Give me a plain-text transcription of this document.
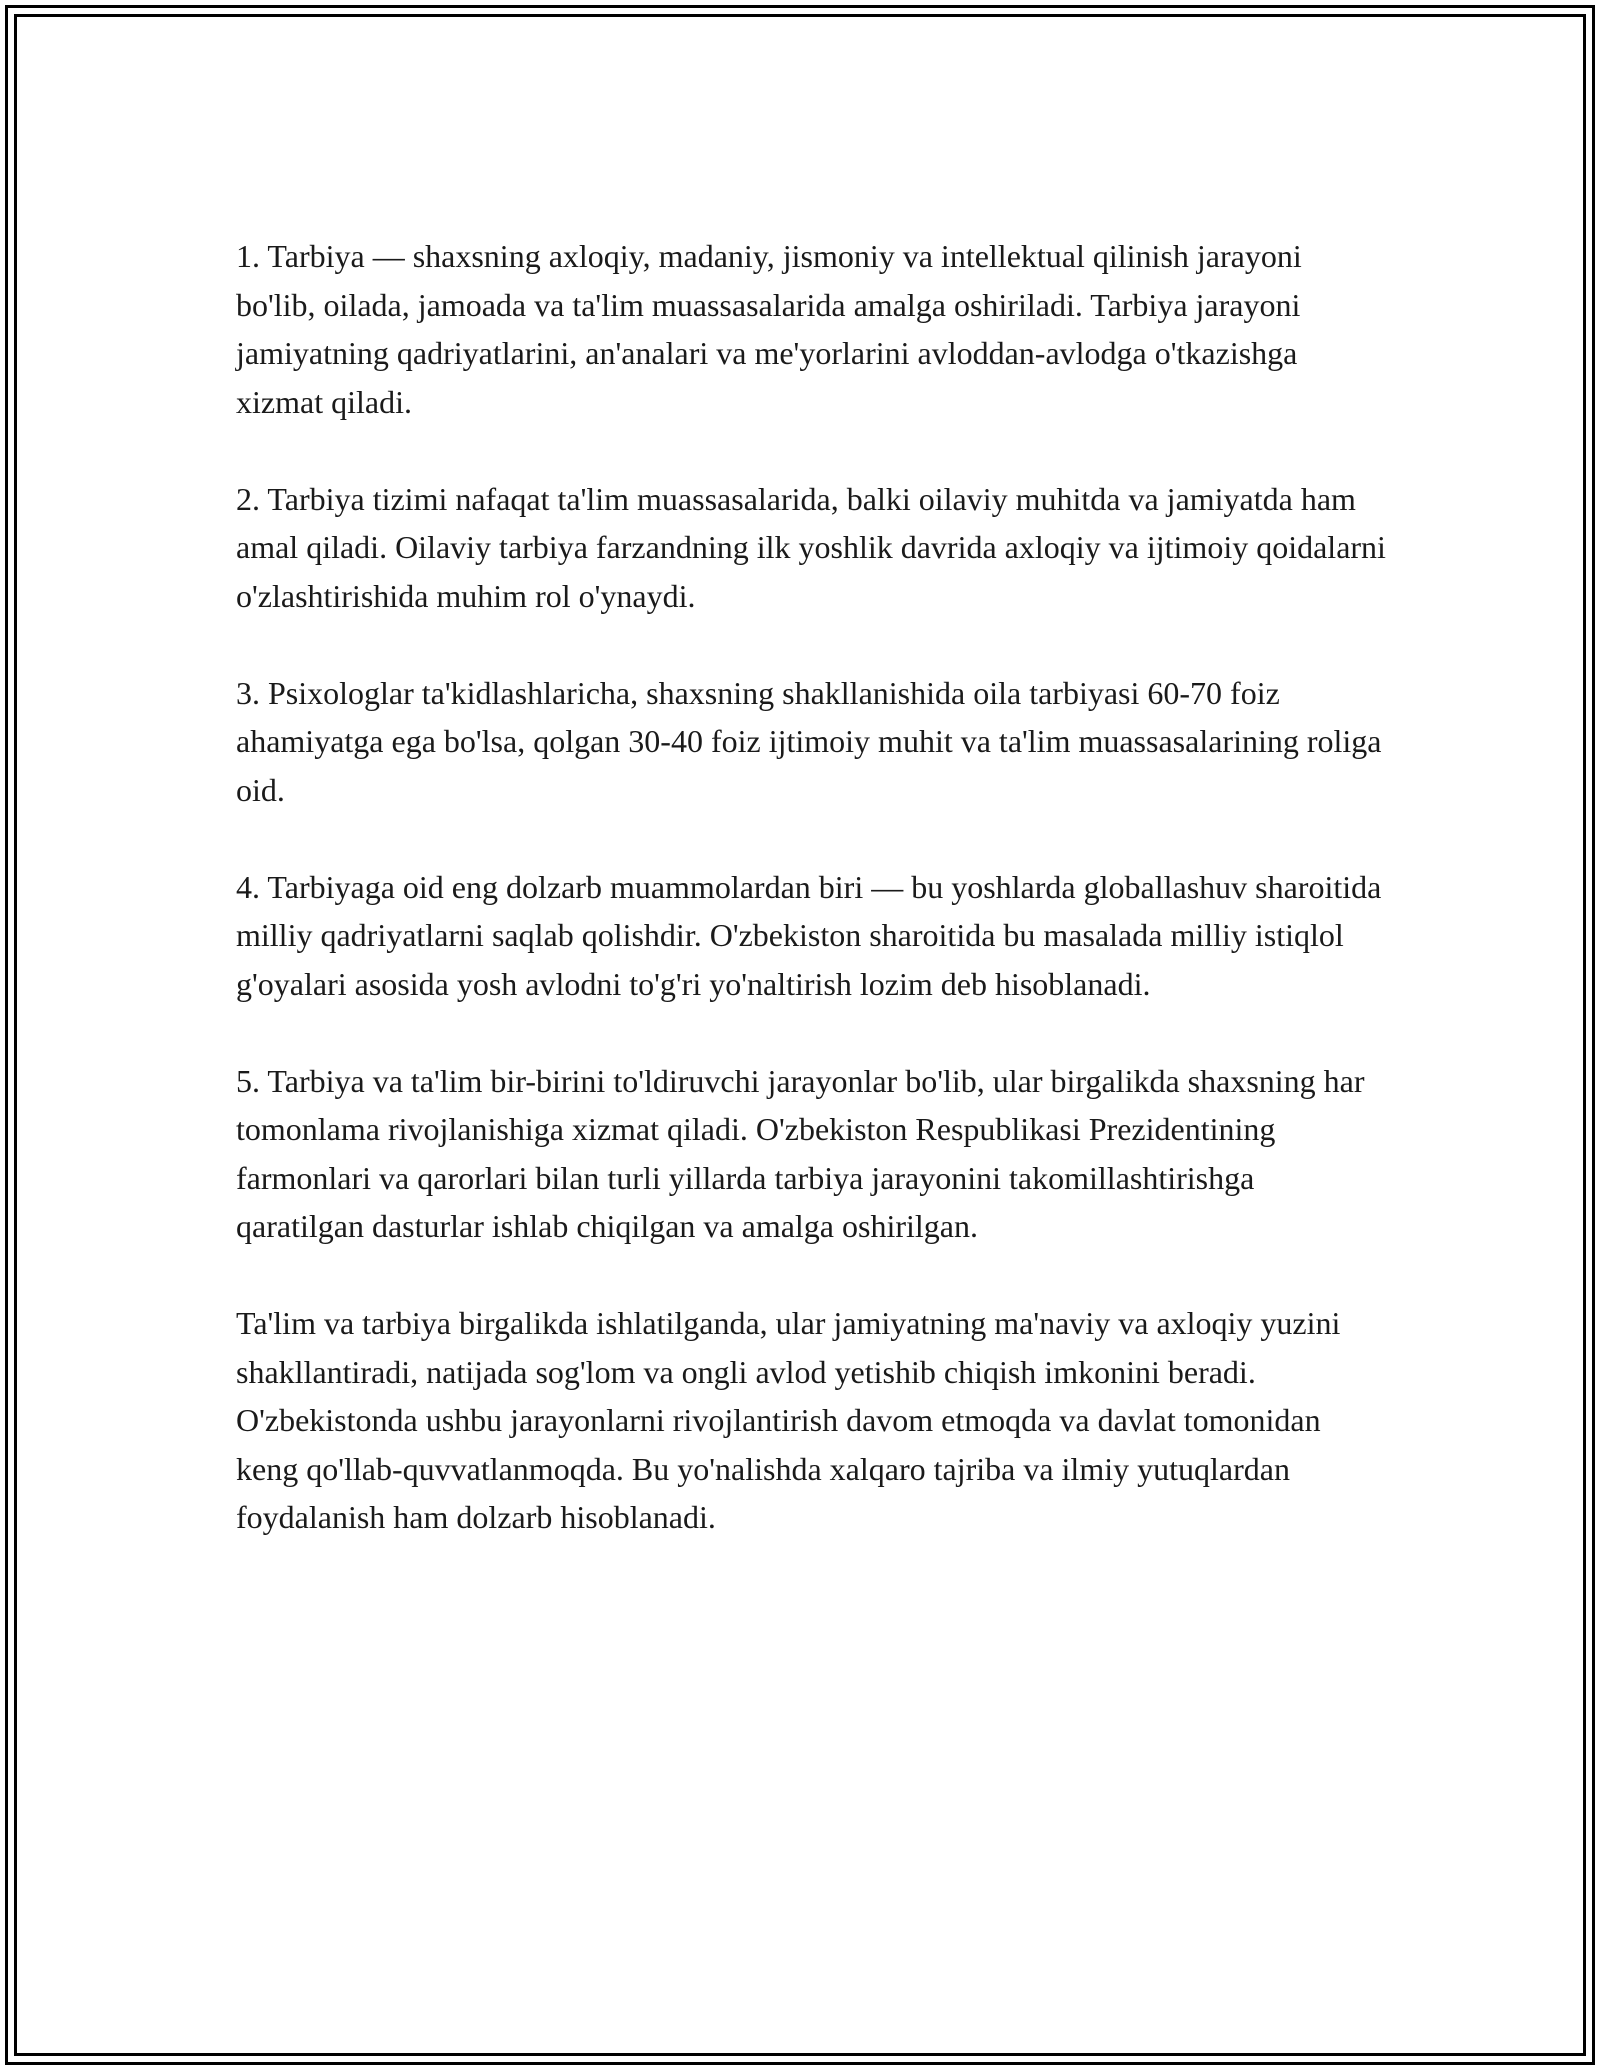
1. Tarbiya — shaxsning axloqiy, madaniy, jismoniy va intellektual qilinish jarayoni bo'lib, oilada, jamoada va ta'lim muassasalarida amalga oshiriladi. Tarbiya jarayoni jamiyatning qadriyatlarini, an'analari va me'yorlarini avloddan-avlodga o'tkazishga xizmat qiladi.

2. Tarbiya tizimi nafaqat ta'lim muassasalarida, balki oilaviy muhitda va jamiyatda ham amal qiladi. Oilaviy tarbiya farzandning ilk yoshlik davrida axloqiy va ijtimoiy qoidalarni o'zlashtirishida muhim rol o'ynaydi.

3. Psixologlar ta'kidlashlaricha, shaxsning shakllanishida oila tarbiyasi 60-70 foiz ahamiyatga ega bo'lsa, qolgan 30-40 foiz ijtimoiy muhit va ta'lim muassasalarining roliga oid.

4. Tarbiyaga oid eng dolzarb muammolardan biri — bu yoshlarda globallashuv sharoitida milliy qadriyatlarni saqlab qolishdir. O'zbekiston sharoitida bu masalada milliy istiqlol g'oyalari asosida yosh avlodni to'g'ri yo'naltirish lozim deb hisoblanadi.

5. Tarbiya va ta'lim bir-birini to'ldiruvchi jarayonlar bo'lib, ular birgalikda shaxsning har tomonlama rivojlanishiga xizmat qiladi. O'zbekiston Respublikasi Prezidentining farmonlari va qarorlari bilan turli yillarda tarbiya jarayonini takomillashtirishga qaratilgan dasturlar ishlab chiqilgan va amalga oshirilgan.

Ta'lim va tarbiya birgalikda ishlatilganda, ular jamiyatning ma'naviy va axloqiy yuzini shakllantiradi, natijada sog'lom va ongli avlod yetishib chiqish imkonini beradi. O'zbekistonda ushbu jarayonlarni rivojlantirish davom etmoqda va davlat tomonidan keng qo'llab-quvvatlanmoqda. Bu yo'nalishda xalqaro tajriba va ilmiy yutuqlardan foydalanish ham dolzarb hisoblanadi.
